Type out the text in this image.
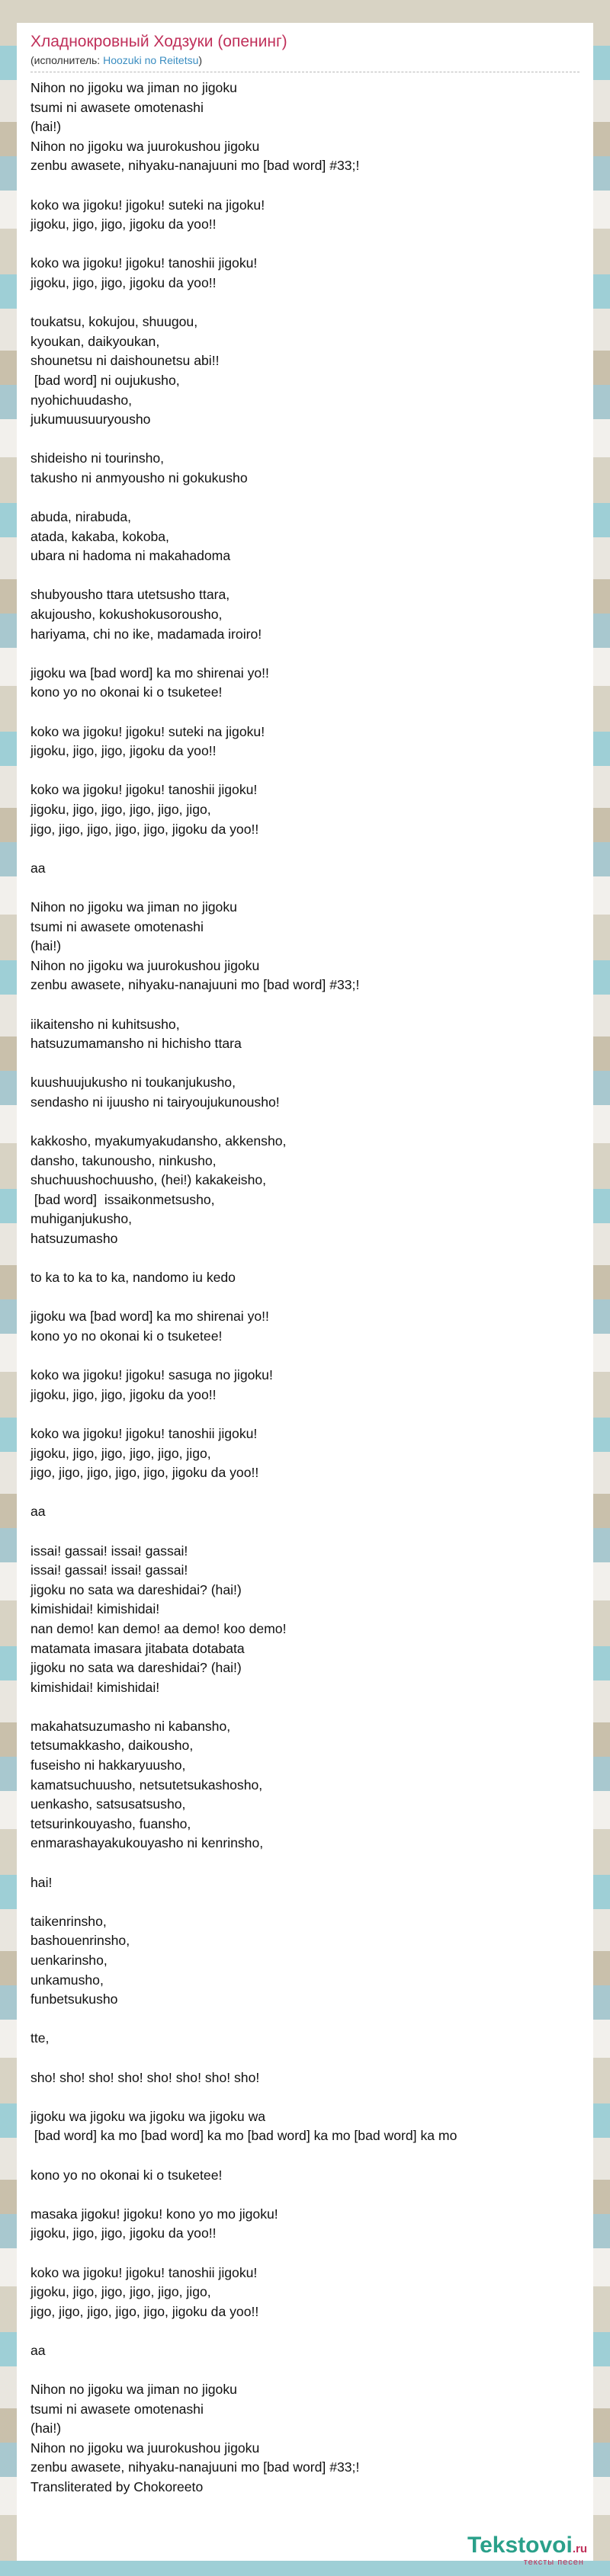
Хладнокровный Ходзуки (опенинг)
(исполнитель: Hoozuki no Reitetsu)
Nihon no jigoku wa jiman no jigoku
tsumi ni awasete omotenashi
(hai!)
Nihon no jigoku wa juurokushou jigoku
zenbu awasete, nihyaku-nanajuuni mo [bad word] #33;!

koko wa jigoku! jigoku! suteki na jigoku!
jigoku, jigo, jigo, jigoku da yoo!!

koko wa jigoku! jigoku! tanoshii jigoku!
jigoku, jigo, jigo, jigoku da yoo!!

toukatsu, kokujou, shuugou,
kyoukan, daikyoukan,
shounetsu ni daishounetsu abi!!
[bad word] ni oujukusho,
nyohichuudasho,
jukumuusuuryousho

shideisho ni tourinsho,
takusho ni anmyousho ni gokukusho

abuda, nirabuda,
atada, kakaba, kokoba,
ubara ni hadoma ni makahadoma

shubyousho ttara utetsusho ttara,
akujousho, kokushokusorousho,
hariyama, chi no ike, madamada iroiro!

jigoku wa [bad word] ka mo shirenai yo!!
kono yo no okonai ki o tsuketee!

koko wa jigoku! jigoku! suteki na jigoku!
jigoku, jigo, jigo, jigoku da yoo!!

koko wa jigoku! jigoku! tanoshii jigoku!
jigoku, jigo, jigo, jigo, jigo, jigo,
jigo, jigo, jigo, jigo, jigo, jigoku da yoo!!

aa

Nihon no jigoku wa jiman no jigoku
tsumi ni awasete omotenashi
(hai!)
Nihon no jigoku wa juurokushou jigoku
zenbu awasete, nihyaku-nanajuuni mo [bad word] #33;!

iikaitensho ni kuhitsusho,
hatsuzumamansho ni hichisho ttara

kuushuujukusho ni toukanjukusho,
sendasho ni ijuusho ni tairyoujukunousho!

kakkosho, myakumyakudansho, akkensho,
dansho, takunousho, ninkusho,
shuchuushochuusho, (hei!) kakakeisho,
[bad word]  issaikonmetsusho,
muhiganjukusho,
hatsuzumasho

to ka to ka to ka, nandomo iu kedo

jigoku wa [bad word] ka mo shirenai yo!!
kono yo no okonai ki o tsuketee!

koko wa jigoku! jigoku! sasuga no jigoku!
jigoku, jigo, jigo, jigoku da yoo!!

koko wa jigoku! jigoku! tanoshii jigoku!
jigoku, jigo, jigo, jigo, jigo, jigo,
jigo, jigo, jigo, jigo, jigo, jigoku da yoo!!

aa

issai! gassai! issai! gassai!
issai! gassai! issai! gassai!
jigoku no sata wa dareshidai? (hai!)
kimishidai! kimishidai!
nan demo! kan demo! aa demo! koo demo!
matamata imasara jitabata dotabata
jigoku no sata wa dareshidai? (hai!)
kimishidai! kimishidai!

makahatsuzumasho ni kabansho,
tetsumakkasho, daikousho,
fuseisho ni hakkaryuusho,
kamatsuchuusho, netsutetsukashosho,
uenkasho, satsusatsusho,
tetsurinkouyasho, fuansho,
enmarashayakukouyasho ni kenrinsho,

hai!

taikenrinsho,
bashouenrinsho,
uenkarinsho,
unkamusho,
funbetsukusho

tte,

sho! sho! sho! sho! sho! sho! sho! sho!

jigoku wa jigoku wa jigoku wa jigoku wa
[bad word] ka mo [bad word] ka mo [bad word] ka mo [bad word] ka mo

kono yo no okonai ki o tsuketee!

masaka jigoku! jigoku! kono yo mo jigoku!
jigoku, jigo, jigo, jigoku da yoo!!

koko wa jigoku! jigoku! tanoshii jigoku!
jigoku, jigo, jigo, jigo, jigo, jigo,
jigo, jigo, jigo, jigo, jigo, jigoku da yoo!!

aa

Nihon no jigoku wa jiman no jigoku
tsumi ni awasete omotenashi
(hai!)
Nihon no jigoku wa juurokushou jigoku
zenbu awasete, nihyaku-nanajuuni mo [bad word] #33;!
Transliterated by Chokoreeto
Tekstovoi.ru
тексты песен
